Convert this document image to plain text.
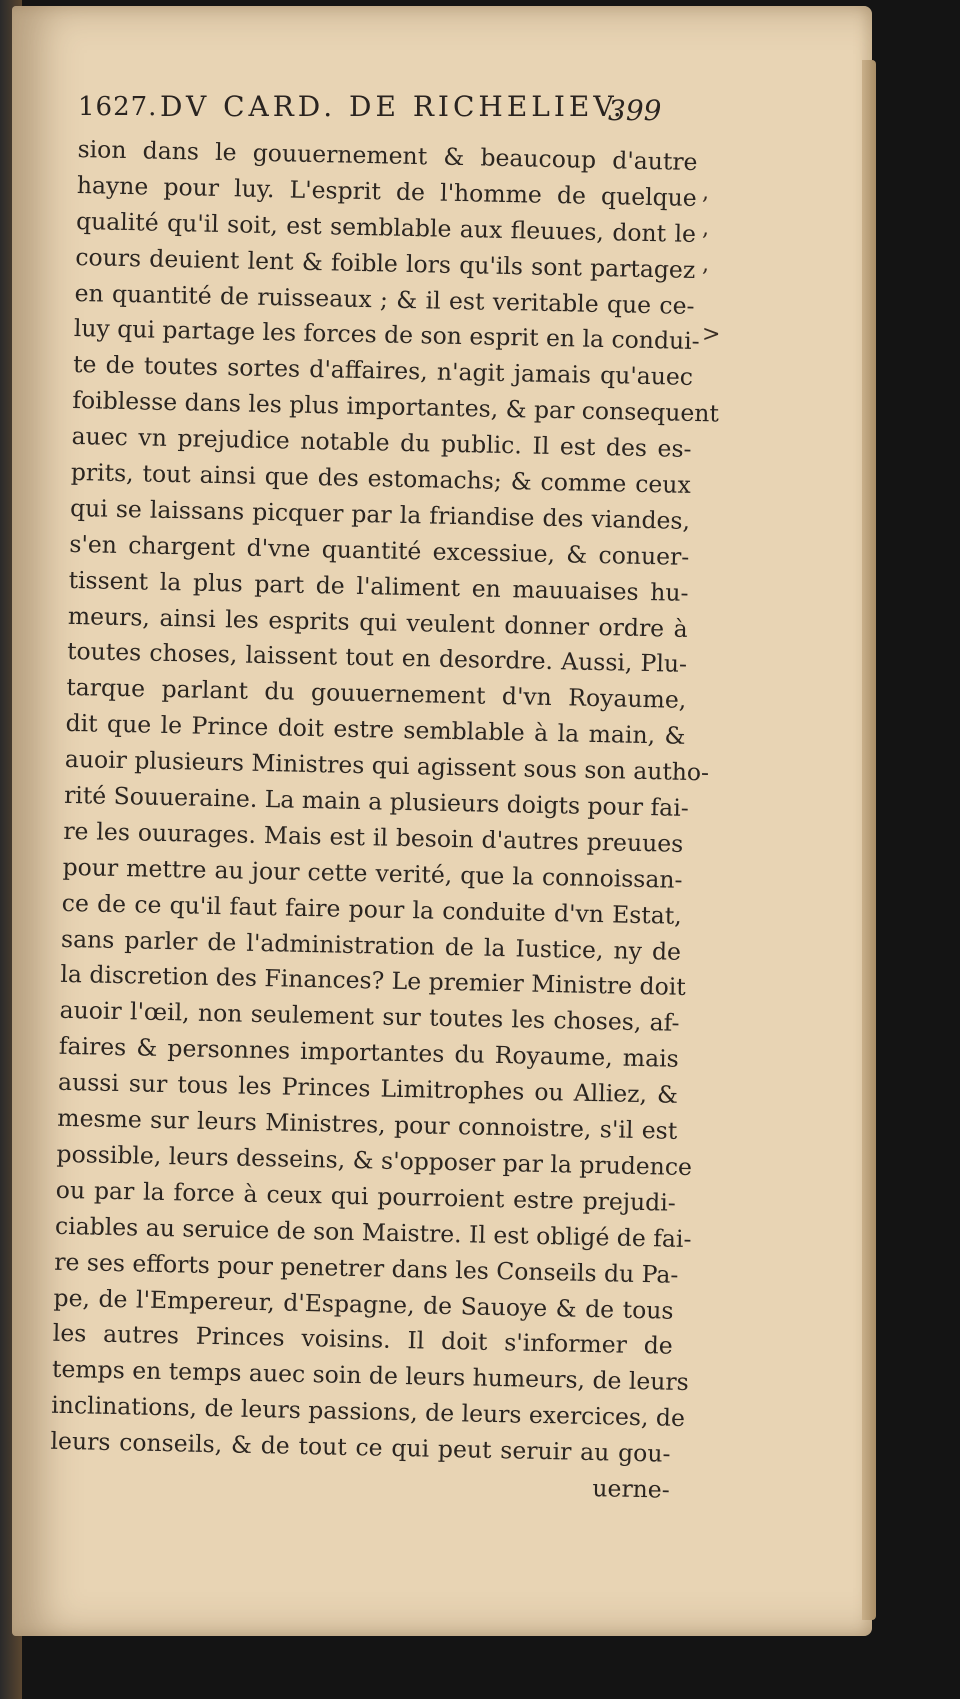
1627. DV CARD. DE RICHELIEV.
399
sion dans le gouuernement & beaucoup d'autre
hayne pour luy. L'esprit de l'homme de quelque
qualité qu'il soit, est semblable aux fleuues, dont le
cours deuient lent & foible lors qu'ils sont partagez
en quantité de ruisseaux ; & il est veritable que ce-
luy qui partage les forces de son esprit en la condui-
te de toutes sortes d'affaires, n'agit jamais qu'auec
foiblesse dans les plus importantes, & par consequent
auec vn prejudice notable du public. Il est des es-
prits, tout ainsi que des estomachs; & comme ceux
qui se laissans picquer par la friandise des viandes,
s'en chargent d'vne quantité excessiue, & conuer-
tissent la plus part de l'aliment en mauuaises hu-
meurs, ainsi les esprits qui veulent donner ordre à
toutes choses, laissent tout en desordre. Aussi, Plu-
tarque parlant du gouuernement d'vn Royaume,
dit que le Prince doit estre semblable à la main, &
auoir plusieurs Ministres qui agissent sous son autho-
rité Souueraine. La main a plusieurs doigts pour fai-
re les ouurages. Mais est il besoin d'autres preuues
pour mettre au jour cette verité, que la connoissan-
ce de ce qu'il faut faire pour la conduite d'vn Estat,
sans parler de l'administration de la Iustice, ny de
la discretion des Finances? Le premier Ministre doit
auoir l'œil, non seulement sur toutes les choses, af-
faires & personnes importantes du Royaume, mais
aussi sur tous les Princes Limitrophes ou Alliez, &
mesme sur leurs Ministres, pour connoistre, s'il est
possible, leurs desseins, & s'opposer par la prudence
ou par la force à ceux qui pourroient estre prejudi-
ciables au seruice de son Maistre. Il est obligé de fai-
re ses efforts pour penetrer dans les Conseils du Pa-
pe, de l'Empereur, d'Espagne, de Sauoye & de tous
les autres Princes voisins. Il doit s'informer de
temps en temps auec soin de leurs humeurs, de leurs
inclinations, de leurs passions, de leurs exercices, de
leurs conseils, & de tout ce qui peut seruir au gou-
uerne-
,
,
,
>
